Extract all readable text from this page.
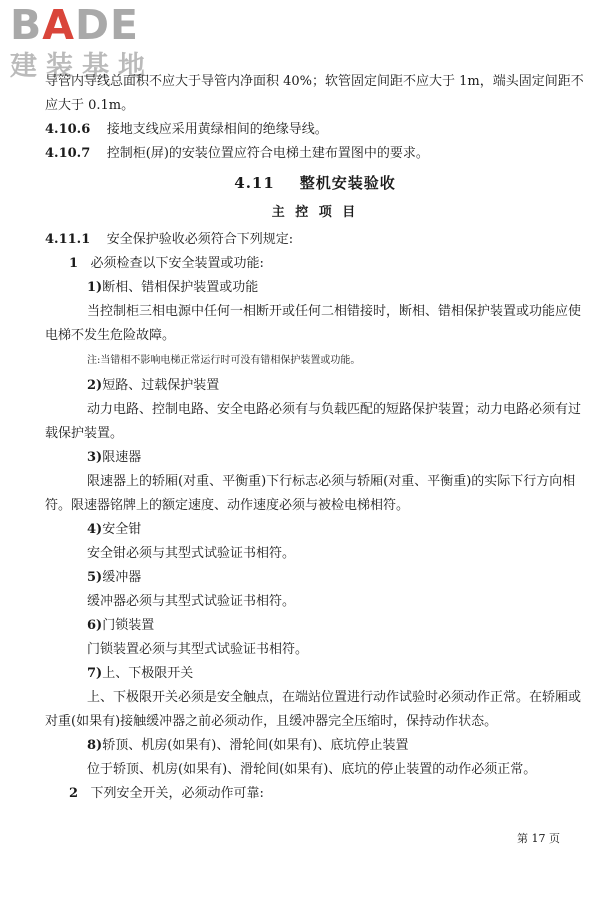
BADE
建装基地

导管内导线总面积不应大于导管内净面积 40%；软管固定间距不应大于 1m，端头固定间距不应大于 0.1m。

4.10.6 接地支线应采用黄绿相间的绝缘导线。

4.10.7 控制柜(屏)的安装位置应符合电梯土建布置图中的要求。

4.11 整机安装验收
主 控 项 目

4.11.1 安全保护验收必须符合下列规定:

1 必须检查以下安全装置或功能:

1)断相、错相保护装置或功能

当控制柜三相电源中任何一相断开或任何二相错接时，断相、错相保护装置或功能应使电梯不发生危险故障。

注:当错相不影响电梯正常运行时可没有错相保护装置或功能。

2)短路、过载保护装置

动力电路、控制电路、安全电路必须有与负载匹配的短路保护装置；动力电路必须有过载保护装置。

3)限速器

限速器上的轿厢(对重、平衡重)下行标志必须与轿厢(对重、平衡重)的实际下行方向相符。限速器铭牌上的额定速度、动作速度必须与被检电梯相符。

4)安全钳

安全钳必须与其型式试验证书相符。

5)缓冲器

缓冲器必须与其型式试验证书相符。

6)门锁装置

门锁装置必须与其型式试验证书相符。

7)上、下极限开关

上、下极限开关必须是安全触点，在端站位置进行动作试验时必须动作正常。在轿厢或对重(如果有)接触缓冲器之前必须动作，且缓冲器完全压缩时，保持动作状态。

8)轿顶、机房(如果有)、滑轮间(如果有)、底坑停止装置

位于轿顶、机房(如果有)、滑轮间(如果有)、底坑的停止装置的动作必须正常。

2 下列安全开关，必须动作可靠:

第 17 页
